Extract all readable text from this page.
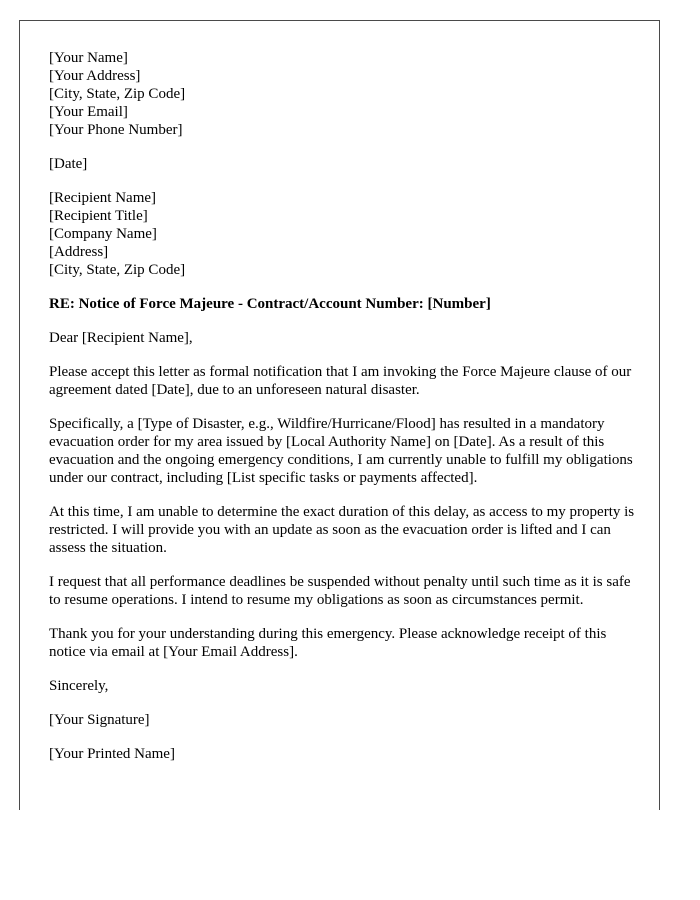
[Your Name]
[Your Address]
[City, State, Zip Code]
[Your Email]
[Your Phone Number]

[Date]

[Recipient Name]
[Recipient Title]
[Company Name]
[Address]
[City, State, Zip Code]

RE: Notice of Force Majeure - Contract/Account Number: [Number]

Dear [Recipient Name],

Please accept this letter as formal notification that I am invoking the Force Majeure clause of our agreement dated [Date], due to an unforeseen natural disaster.

Specifically, a [Type of Disaster, e.g., Wildfire/Hurricane/Flood] has resulted in a mandatory evacuation order for my area issued by [Local Authority Name] on [Date]. As a result of this evacuation and the ongoing emergency conditions, I am currently unable to fulfill my obligations under our contract, including [List specific tasks or payments affected].

At this time, I am unable to determine the exact duration of this delay, as access to my property is restricted. I will provide you with an update as soon as the evacuation order is lifted and I can assess the situation.

I request that all performance deadlines be suspended without penalty until such time as it is safe to resume operations. I intend to resume my obligations as soon as circumstances permit.

Thank you for your understanding during this emergency. Please acknowledge receipt of this notice via email at [Your Email Address].

Sincerely,

[Your Signature]

[Your Printed Name]
